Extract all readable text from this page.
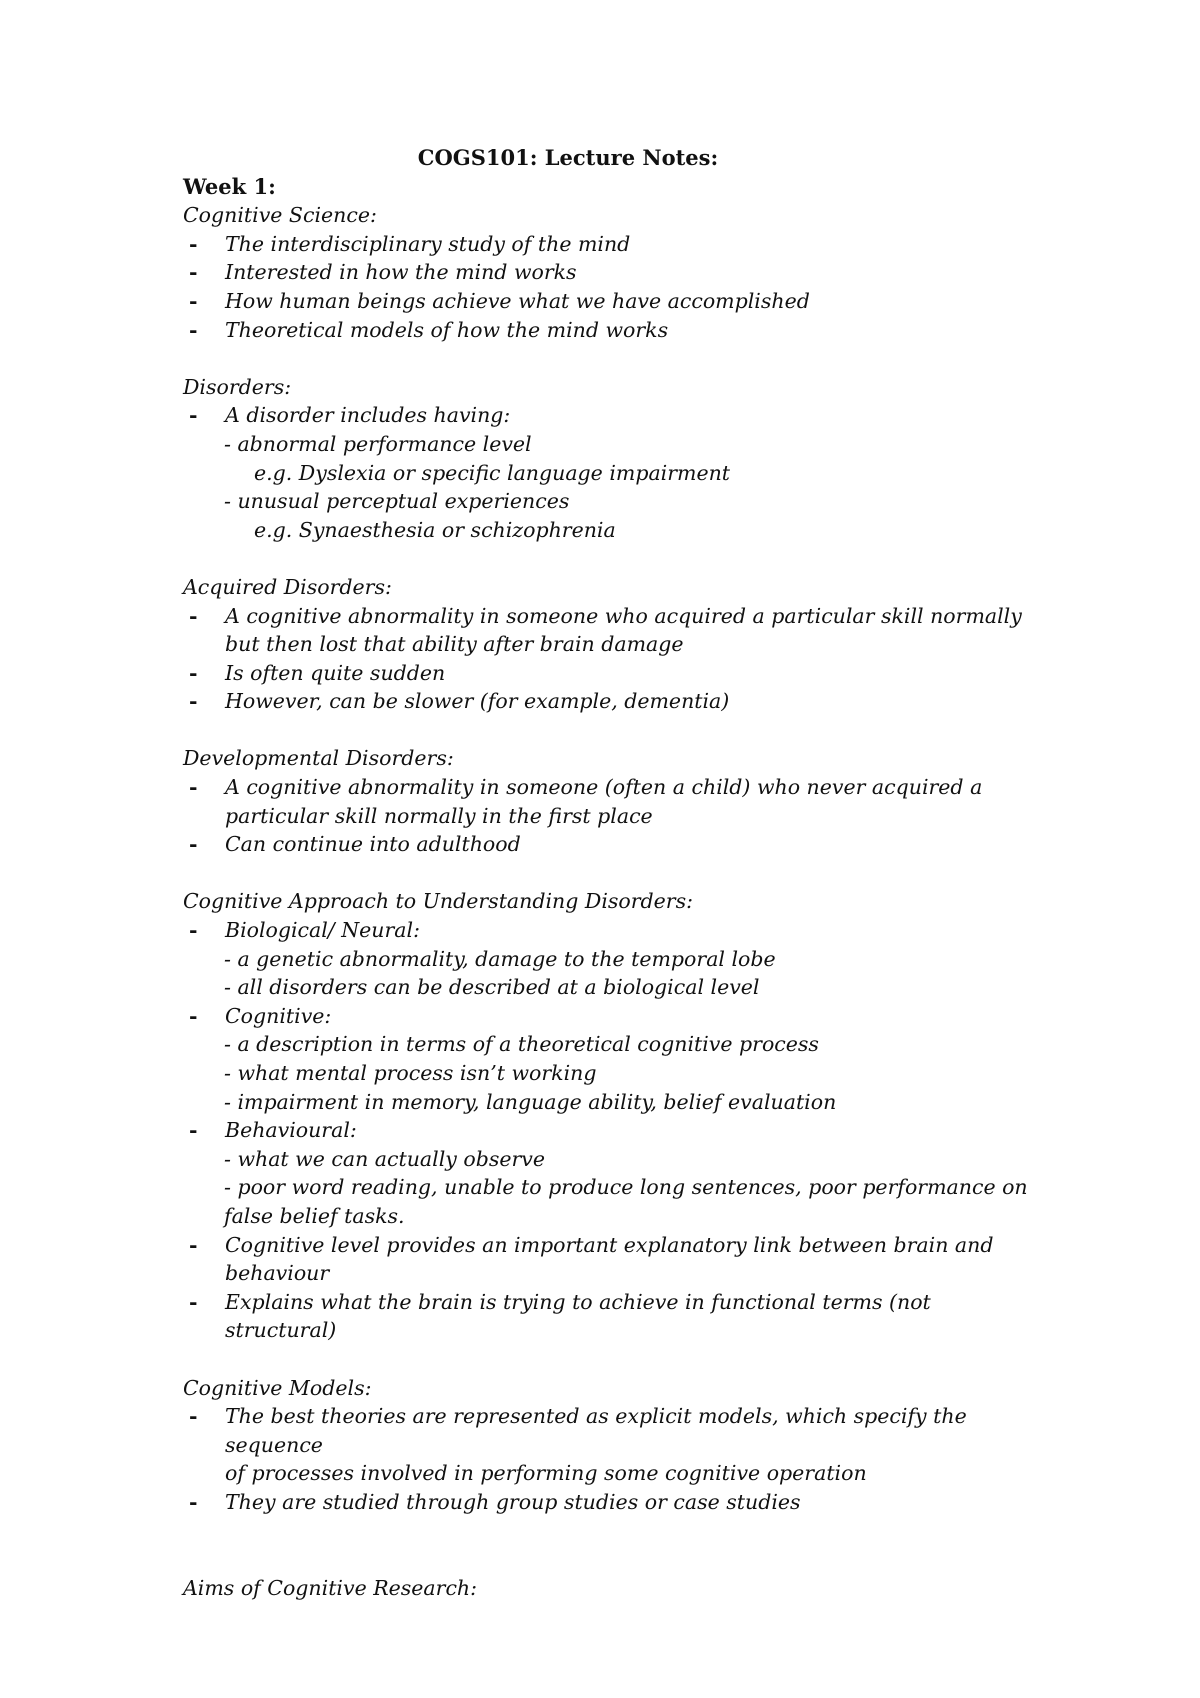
COGS101: Lecture Notes:
Week 1:
Cognitive Science:
- The interdisciplinary study of the mind
- Interested in how the mind works
- How human beings achieve what we have accomplished
- Theoretical models of how the mind works
Disorders:
- A disorder includes having:
- abnormal performance level
e.g. Dyslexia or specific language impairment
- unusual perceptual experiences
e.g. Synaesthesia or schizophrenia
Acquired Disorders:
- A cognitive abnormality in someone who acquired a particular skill normally
but then lost that ability after brain damage
- Is often quite sudden
- However, can be slower (for example, dementia)
Developmental Disorders:
- A cognitive abnormality in someone (often a child) who never acquired a
particular skill normally in the first place
- Can continue into adulthood
Cognitive Approach to Understanding Disorders:
- Biological/ Neural:
- a genetic abnormality, damage to the temporal lobe
- all disorders can be described at a biological level
- Cognitive:
- a description in terms of a theoretical cognitive process
- what mental process isn’t working
- impairment in memory, language ability, belief evaluation
- Behavioural:
- what we can actually observe
- poor word reading, unable to produce long sentences, poor performance on
false belief tasks.
- Cognitive level provides an important explanatory link between brain and
behaviour
- Explains what the brain is trying to achieve in functional terms (not structural)
Cognitive Models:
- The best theories are represented as explicit models, which specify the sequence
of processes involved in performing some cognitive operation
- They are studied through group studies or case studies
Aims of Cognitive Research:
